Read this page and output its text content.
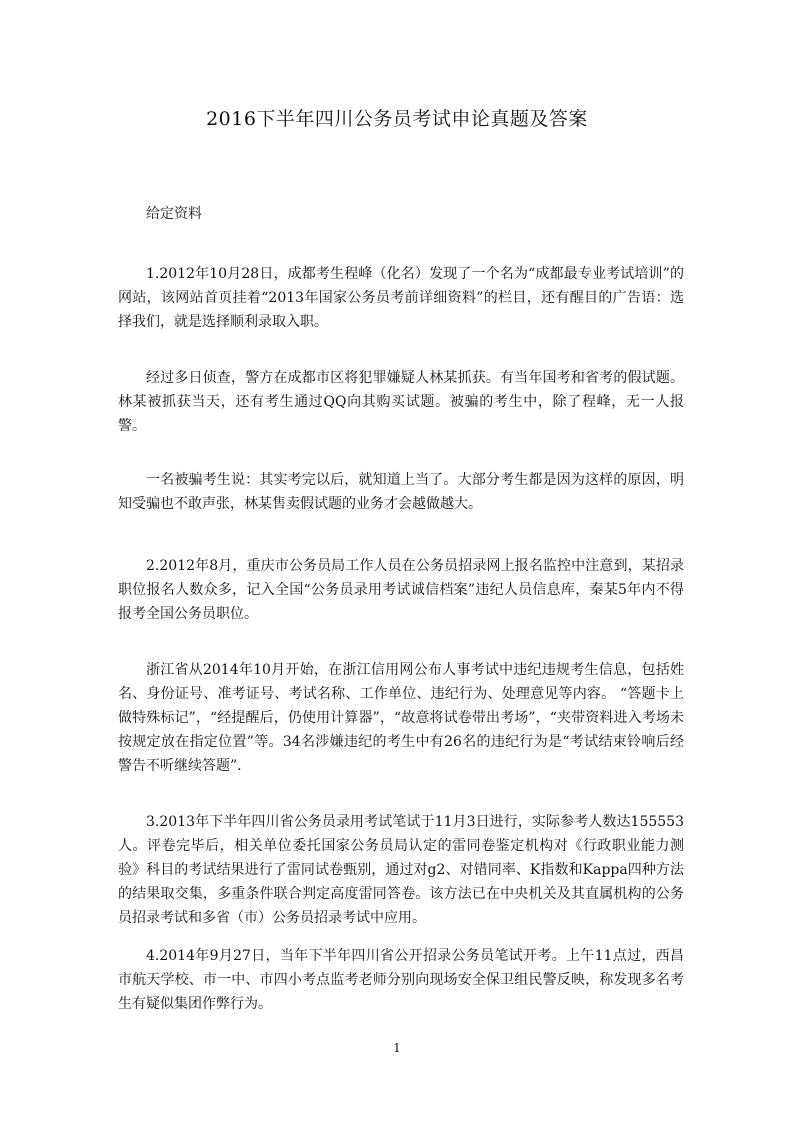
2016下半年四川公务员考试申论真题及答案

给定资料

1.2012年10月28日，成都考生程峰（化名）发现了一个名为“成都最专业考试培训”的网站，该网站首页挂着“2013年国家公务员考前详细资料”的栏目，还有醒目的广告语：选择我们，就是选择顺利录取入职。

经过多日侦查，警方在成都市区将犯罪嫌疑人林某抓获。有当年国考和省考的假试题。林某被抓获当天，还有考生通过QQ向其购买试题。被骗的考生中，除了程峰，无一人报警。

一名被骗考生说：其实考完以后，就知道上当了。大部分考生都是因为这样的原因，明知受骗也不敢声张，林某售卖假试题的业务才会越做越大。

2.2012年8月，重庆市公务员局工作人员在公务员招录网上报名监控中注意到，某招录职位报名人数众多，记入全国“公务员录用考试诚信档案”违纪人员信息库，秦某5年内不得报考全国公务员职位。

浙江省从2014年10月开始，在浙江信用网公布人事考试中违纪违规考生信息，包括姓名、身份证号、准考证号、考试名称、工作单位、违纪行为、处理意见等内容。 “答题卡上做特殊标记”，“经提醒后，仍使用计算器”，“故意将试卷带出考场”，“夹带资料进入考场未按规定放在指定位置”等。34名涉嫌违纪的考生中有26名的违纪行为是“考试结束铃响后经警告不听继续答题”.

3.2013年下半年四川省公务员录用考试笔试于11月3日进行，实际参考人数达155553人。评卷完毕后，相关单位委托国家公务员局认定的雷同卷鉴定机构对《行政职业能力测验》科目的考试结果进行了雷同试卷甄别，通过对g2、对错同率、K指数和Kappa四种方法的结果取交集，多重条件联合判定高度雷同答卷。该方法已在中央机关及其直属机构的公务员招录考试和多省（市）公务员招录考试中应用。

4.2014年9月27日，当年下半年四川省公开招录公务员笔试开考。上午11点过，西昌市航天学校、市一中、市四小考点监考老师分别向现场安全保卫组民警反映，称发现多名考生有疑似集团作弊行为。

1
